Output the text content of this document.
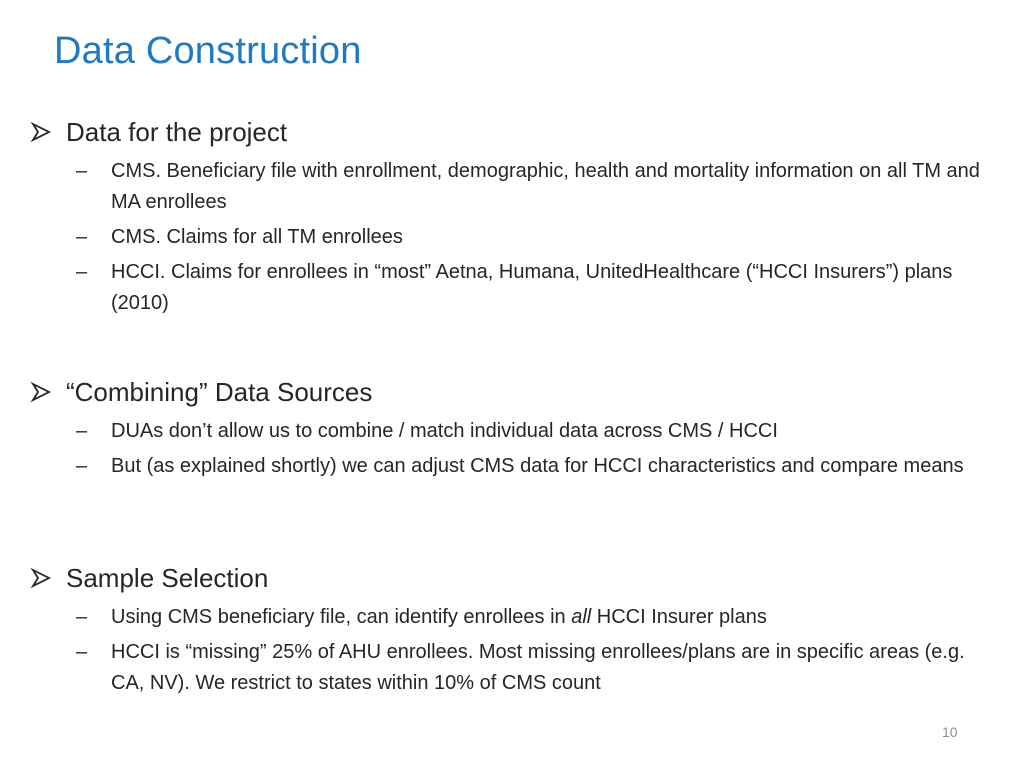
Data Construction
Data for the project
– CMS. Beneficiary file with enrollment, demographic, health and mortality information on all TM and MA enrollees
– CMS. Claims for all TM enrollees
– HCCI. Claims for enrollees in “most” Aetna, Humana, UnitedHealthcare (“HCCI Insurers”) plans (2010)
“Combining” Data Sources
– DUAs don’t allow us to combine / match individual data across CMS / HCCI
– But (as explained shortly) we can adjust CMS data for HCCI characteristics and compare means
Sample Selection
– Using CMS beneficiary file, can identify enrollees in all HCCI Insurer plans
– HCCI is “missing” 25% of AHU enrollees. Most missing enrollees/plans are in specific areas (e.g. CA, NV). We restrict to states within 10% of CMS count
10
